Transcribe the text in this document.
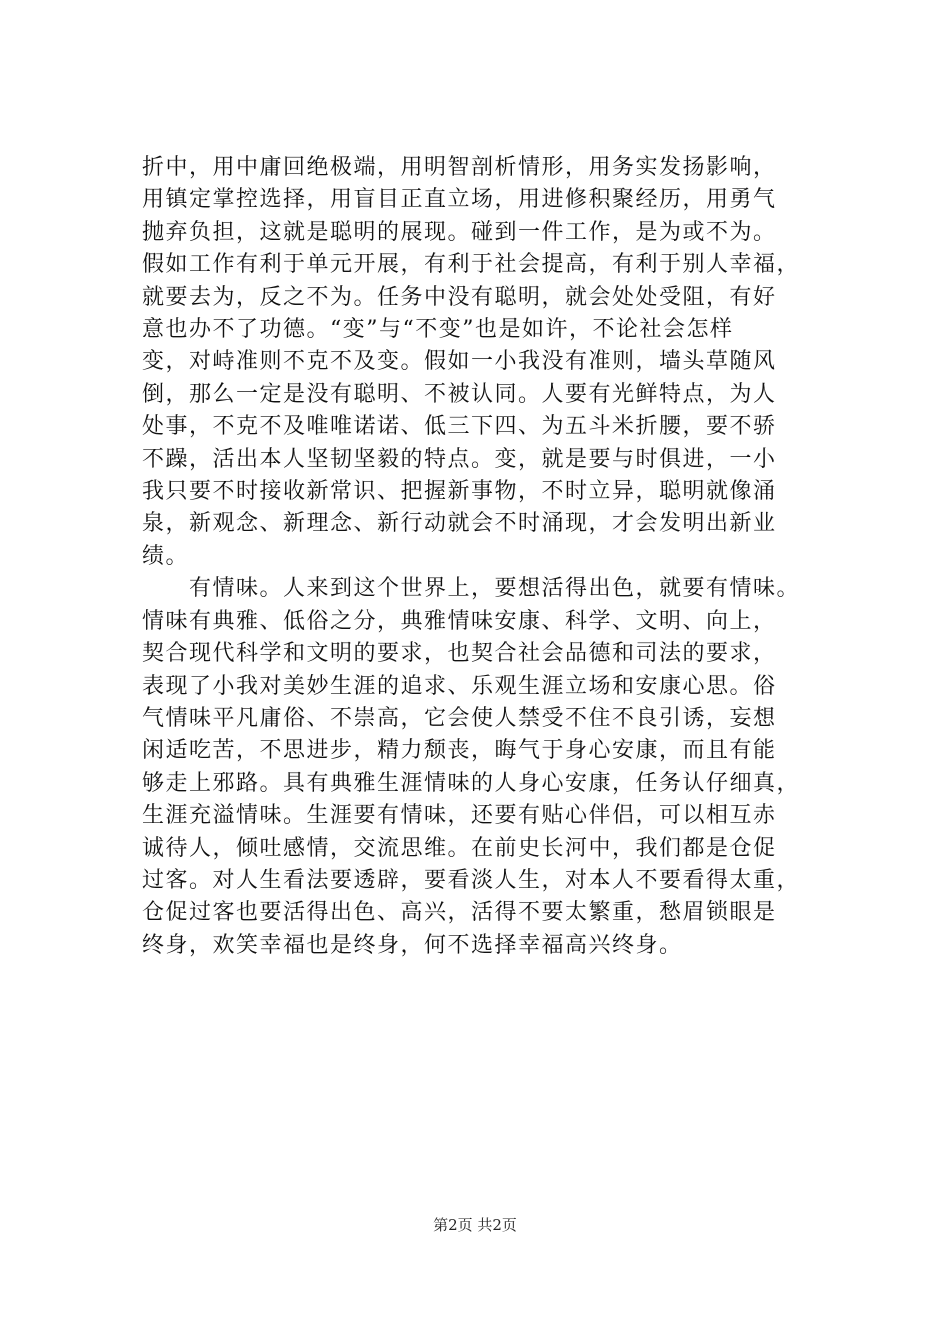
折中，用中庸回绝极端，用明智剖析情形，用务实发扬影响，
用镇定掌控选择，用盲目正直立场，用进修积聚经历，用勇气
抛弃负担，这就是聪明的展现。碰到一件工作，是为或不为。
假如工作有利于单元开展，有利于社会提高，有利于别人幸福，
就要去为，反之不为。任务中没有聪明，就会处处受阻，有好
意也办不了功德。“变”与“不变”也是如许，不论社会怎样
变，对峙准则不克不及变。假如一小我没有准则，墙头草随风
倒，那么一定是没有聪明、不被认同。人要有光鲜特点，为人
处事，不克不及唯唯诺诺、低三下四、为五斗米折腰，要不骄
不躁，活出本人坚韧坚毅的特点。变，就是要与时俱进，一小
我只要不时接收新常识、把握新事物，不时立异，聪明就像涌
泉，新观念、新理念、新行动就会不时涌现，才会发明出新业
绩。
　　有情味。人来到这个世界上，要想活得出色，就要有情味。
情味有典雅、低俗之分，典雅情味安康、科学、文明、向上，
契合现代科学和文明的要求，也契合社会品德和司法的要求，
表现了小我对美妙生涯的追求、乐观生涯立场和安康心思。俗
气情味平凡庸俗、不崇高，它会使人禁受不住不良引诱，妄想
闲适吃苦，不思进步，精力颓丧，晦气于身心安康，而且有能
够走上邪路。具有典雅生涯情味的人身心安康，任务认仔细真，
生涯充溢情味。生涯要有情味，还要有贴心伴侣，可以相互赤
诚待人，倾吐感情，交流思维。在前史长河中，我们都是仓促
过客。对人生看法要透辟，要看淡人生，对本人不要看得太重，
仓促过客也要活得出色、高兴，活得不要太繁重，愁眉锁眼是
终身，欢笑幸福也是终身，何不选择幸福高兴终身。
第2页 共2页
